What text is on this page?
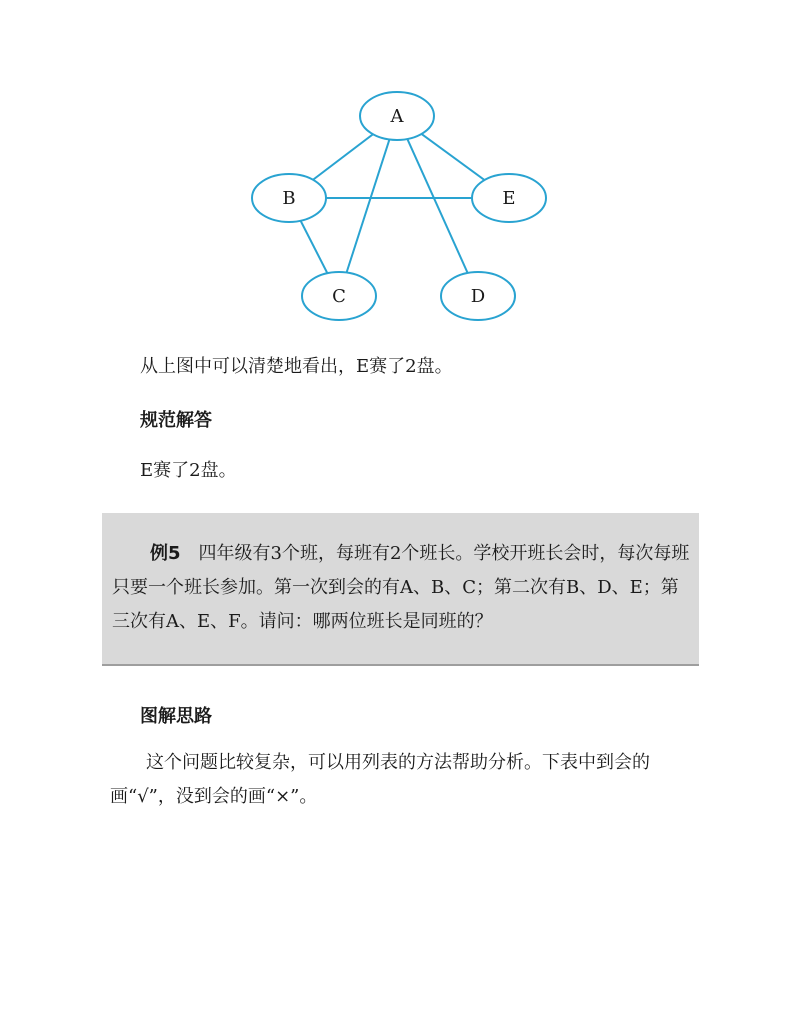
A
B	E
C	D

从上图中可以清楚地看出，E赛了2盘。

规范解答

E赛了2盘。

例5 四年级有3个班，每班有2个班长。学校开班长会时，每次每班只要一个班长参加。第一次到会的有A、B、C；第二次有B、D、E；第三次有A、E、F。请问：哪两位班长是同班的？

图解思路

这个问题比较复杂，可以用列表的方法帮助分析。下表中到会的画“√”，没到会的画“×”。
